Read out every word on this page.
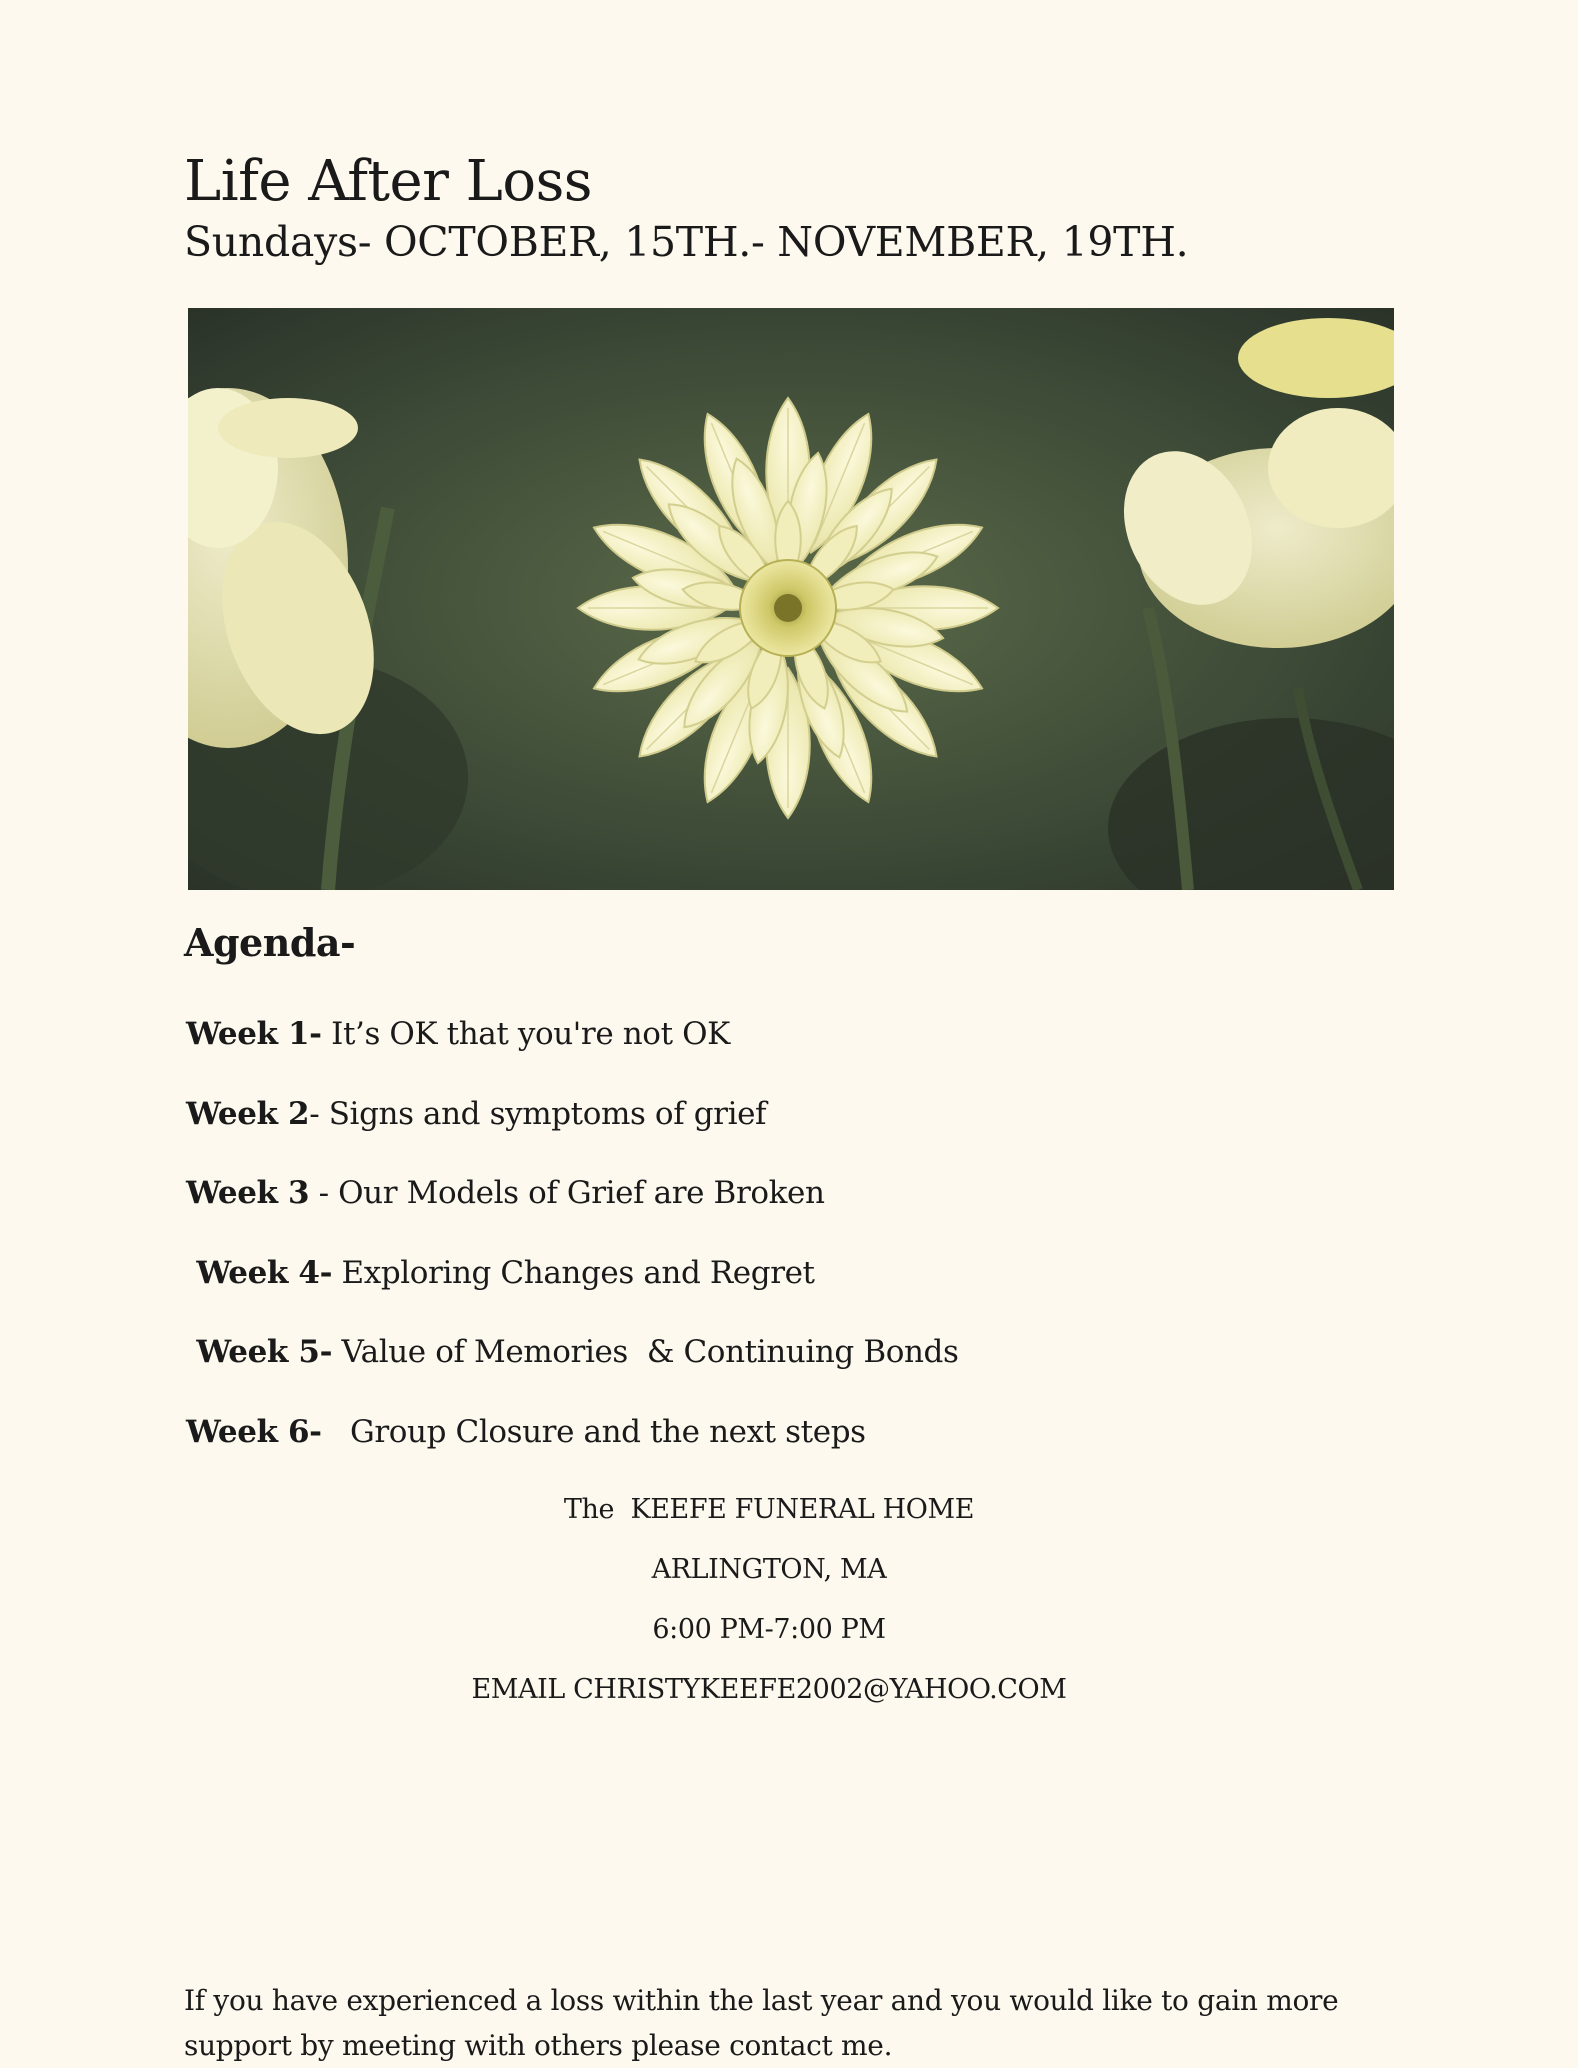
Life After Loss
Sundays- OCTOBER, 15TH.- NOVEMBER, 19TH.
Agenda-
Week 1- It’s OK that you're not OK
Week 2- Signs and symptoms of grief
Week 3 - Our Models of Grief are Broken
Week 4- Exploring Changes and Regret
Week 5- Value of Memories  & Continuing Bonds
Week 6-   Group Closure and the next steps
The  KEEFE FUNERAL HOME
ARLINGTON, MA
6:00 PM-7:00 PM
EMAIL CHRISTYKEEFE2002@YAHOO.COM

If you have experienced a loss within the last year and you would like to gain more support by meeting with others please contact me.
